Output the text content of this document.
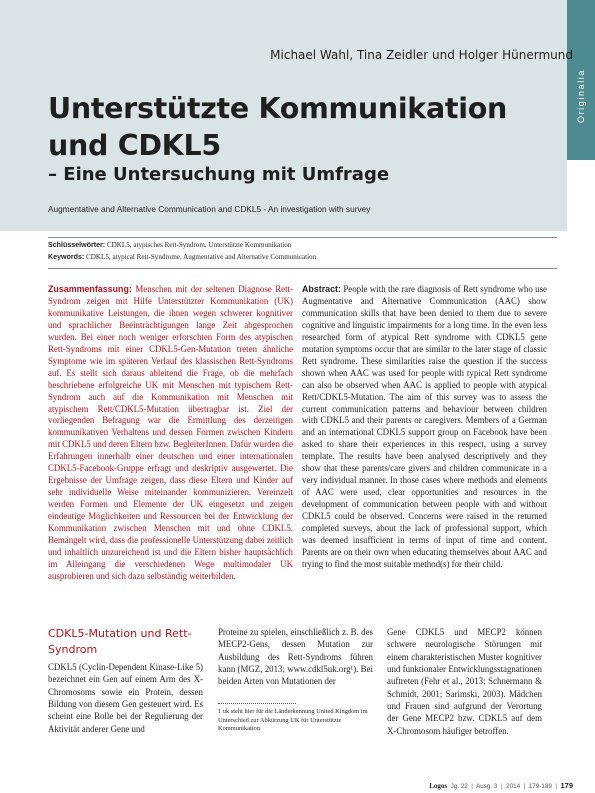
Originalia
Michael Wahl, Tina Zeidler und Holger Hünermund
Unterstützte Kommunikation
und CDKL5
– Eine Untersuchung mit Umfrage
Augmentative and Alternative Communication and CDKL5 - An investigation with survey
Schlüsselwörter: CDKL5, atypisches Rett-Syndrom, Unterstützte Kommunikation
Keywords: CDKL5, atypical Rett-Syndrome, Augmentative and Alternative Communication

Zusammenfassung: Menschen mit der seltenen Diagnose Rett-Syndrom zeigen mit Hilfe Unterstützter Kommunikation (UK) kommunikative Leistungen, die ihnen wegen schwerer kognitiver und sprachlicher Beeinträchtigungen lange Zeit abgesprochen wurden. Bei einer noch weniger erforschten Form des atypischen Rett-Syndroms mit einer CDKL5-Gen-Mutation treten ähnliche Symptome wie im späteren Verlauf des klassischen Rett-Syndroms auf. Es stellt sich daraus ableitend die Frage, ob die mehrfach beschriebene erfolgreiche UK mit Menschen mit typischem Rett-Syndrom auch auf die Kommunikation mit Menschen mit atypischem Rett/CDKL5-Mutation übertragbar ist. Ziel der vorliegenden Befragung war die Ermittlung des derzeitigen kommunikativen Verhaltens und dessen Formen zwischen Kindern mit CDKL5 und deren Eltern bzw. BegleiterInnen. Dafür wurden die Erfahrungen innerhalb einer deutschen und einer internationalen CDKL5-Facebook-Gruppe erfragt und deskriptiv ausgewertet. Die Ergebnisse der Umfrage zeigen, dass diese Eltern und Kinder auf sehr individuelle Weise miteinander kommunizieren. Vereinzelt werden Formen und Elemente der UK eingesetzt und zeigen eindeutige Möglichkeiten und Ressourcen bei der Entwicklung der Kommunikation zwischen Menschen mit und ohne CDKL5. Bemängelt wird, dass die professionelle Unterstützung dabei zeitlich und inhaltlich unzureichend ist und die Eltern bisher hauptsächlich im Alleingang die verschiedenen Wege multimodaler UK ausprobieren und sich dazu selbständig weiterbilden.

Abstract: People with the rare diagnosis of Rett syndrome who use Augmentative and Alternative Communication (AAC) show communication skills that have been denied to them due to severe cognitive and linguistic impairments for a long time. In the even less researched form of atypical Rett syndrome with CDKL5 gene mutation symptoms occur that are similar to the later stage of classic Rett syndrome. These similarities raise the question if the success shown when AAC was used for people with typical Rett syndrome can also be observed when AAC is applied to people with atypical Rett/CDKL5-Mutation. The aim of this survey was to assess the current communication patterns and behaviour between children with CDKL5 and their parents or caregivers. Members of a German and an international CDKL5 support group on Facebook have been asked to share their experiences in this respect, using a survey template. The results have been analysed descriptively and they show that these parents/care givers and children communicate in a very individual manner. In those cases where methods and elements of AAC were used, clear opportunities and resources in the development of communication between people with and without CDKL5 could be observed. Concerns were raised in the returned completed surveys, about the lack of professional support, which was deemed insufficient in terms of input of time and content. Parents are on their own when educating themselves about AAC and trying to find the most suitable method(s) for their child.

CDKL5-Mutation und Rett-Syndrom

CDKL5 (Cyclin-Dependent Kinase-Like 5) bezeichnet ein Gen auf einem Arm des X-Chromosoms sowie ein Protein, dessen Bildung von diesem Gen gesteuert wird. Es scheint eine Rolle bei der Regulierung der Aktivität anderer Gene und

Proteine zu spielen, einschließlich z. B. des MECP2-Gens, dessen Mutation zur Ausbildung des Rett-Syndroms führen kann (MGZ, 2013; www.cdkl5uk.org¹). Bei beiden Arten von Mutationen der

1 uk steht hier für die Länderkennung United Kingdom im Unterschied zur Abkürzung UK für Unterstützte Kommunikation

Gene CDKL5 und MECP2 können schwere neurologische Störungen mit einem charakteristischen Muster kognitiver und funktionaler Entwicklungsstagnationen auftreten (Fehr et al., 2013; Schnermann & Schmidt, 2001; Sarimski, 2003). Mädchen und Frauen sind aufgrund der Verortung der Gene MECP2 bzw. CDKL5 auf dem X-Chromosom häufiger betroffen.

Logos Jg. 22 | Ausg. 3 | 2014 | 179-189 | 179
